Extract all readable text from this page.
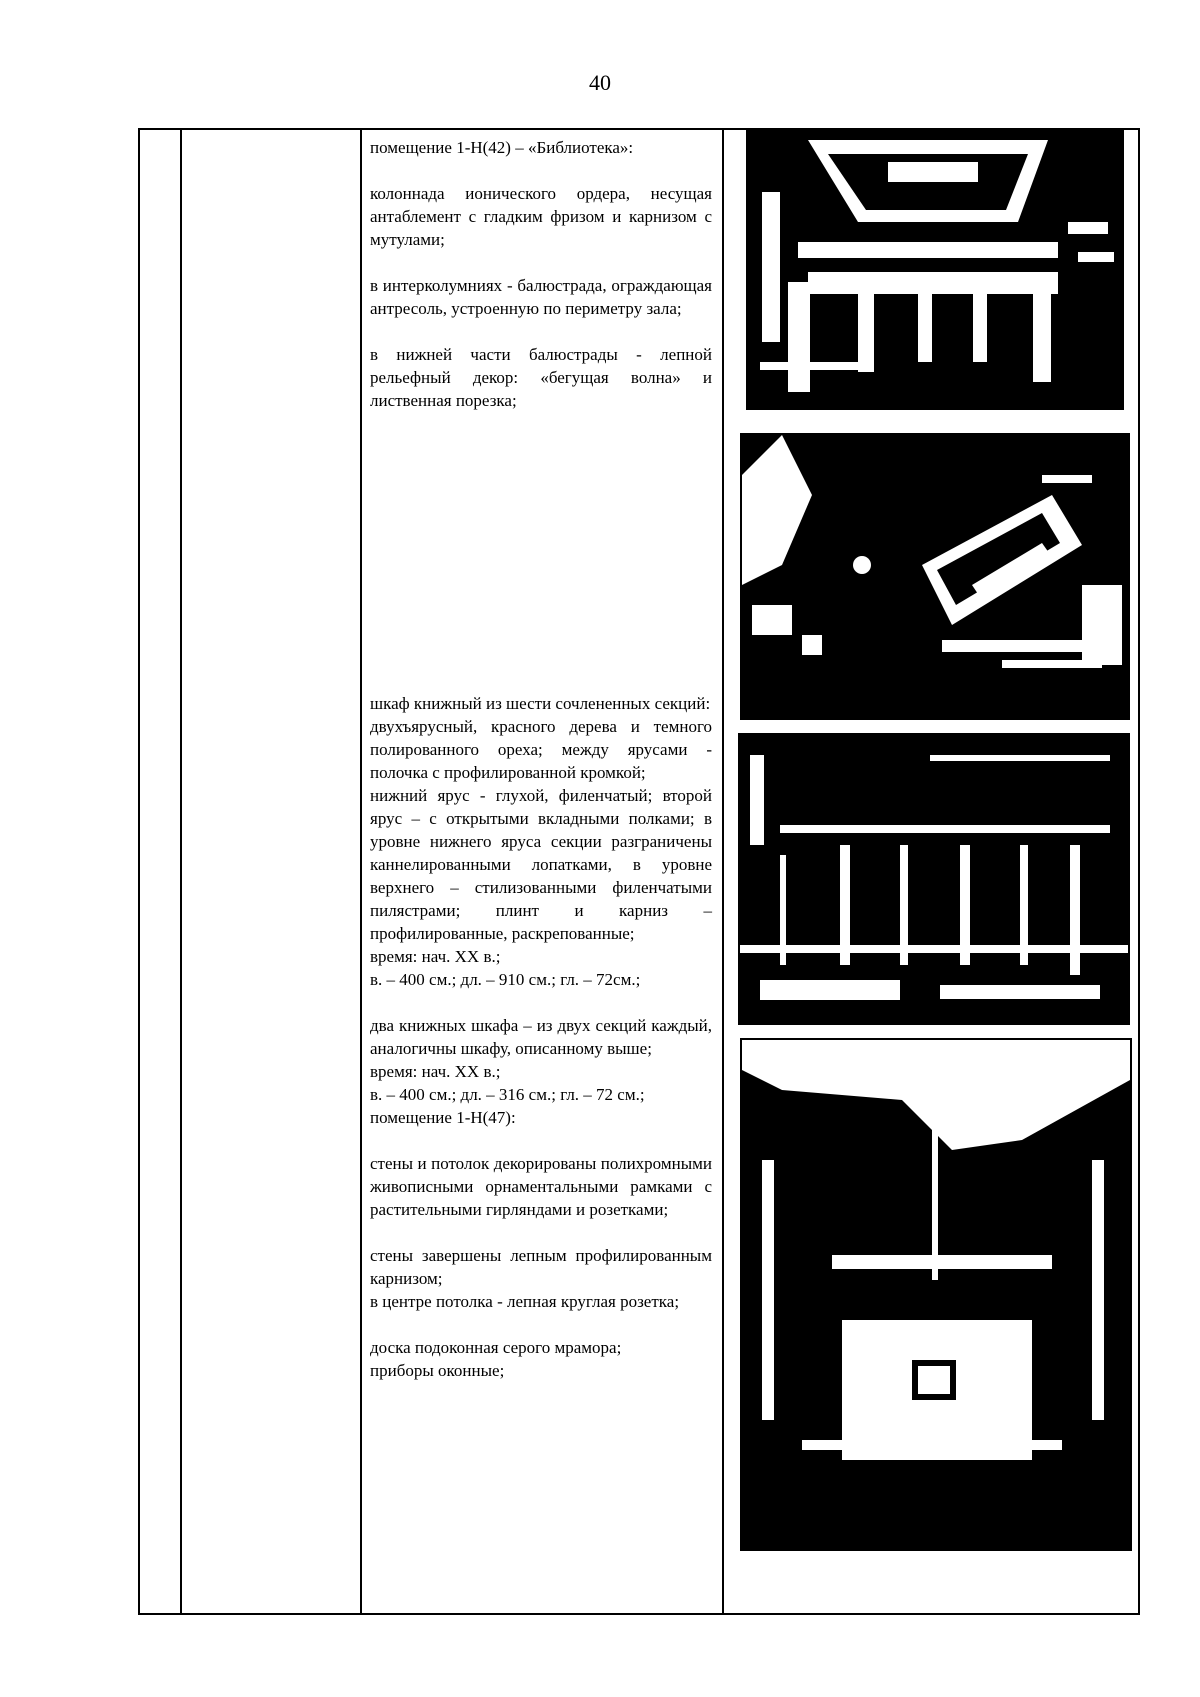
40

помещение 1-Н(42) – «Библиотека»:

колоннада ионического ордера, несущая антаблемент с гладким фризом и карнизом с мутулами;

в интерколумниях - балюстрада, ограждающая антресоль, устроенную по периметру зала;

в нижней части балюстрады - лепной рельефный декор: «бегущая волна» и лиственная порезка;

шкаф книжный из шести сочлененных секций:

двухъярусный, красного дерева и темного полированного ореха; между ярусами - полочка с профилированной кромкой;

нижний ярус - глухой, филенчатый; второй ярус – с открытыми вкладными полками; в уровне нижнего яруса секции разграничены каннелированными лопатками, в уровне верхнего – стилизованными филенчатыми пилястрами; плинт и карниз – профилированные, раскрепованные;

время: нач. XX в.;

в. – 400 см.; дл. – 910 см.; гл. – 72см.;

два книжных шкафа – из двух секций каждый, аналогичны шкафу, описанному выше;

время: нач. XX в.;

в. – 400 см.; дл. – 316 см.; гл. – 72 см.;

помещение 1-Н(47):

стены и потолок декорированы полихромными живописными орнаментальными рамками с растительными гирляндами и розетками;

стены завершены лепным профилированным карнизом;

в центре потолка - лепная круглая розетка;

доска подоконная серого мрамора;

приборы оконные;
